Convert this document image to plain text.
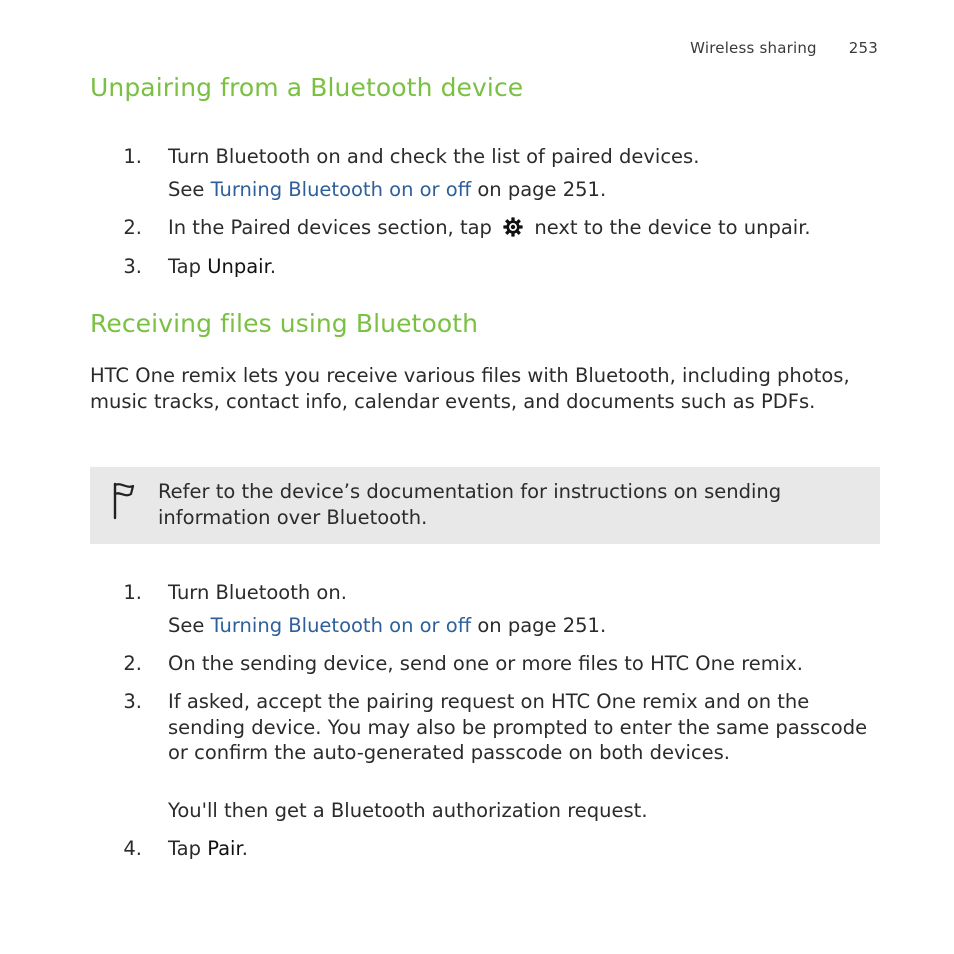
Wireless sharing 253
Unpairing from a Bluetooth device
1. Turn Bluetooth on and check the list of paired devices.
See Turning Bluetooth on or off on page 251.
2. In the Paired devices section, tap  next to the device to unpair.
3. Tap Unpair.
Receiving files using Bluetooth
HTC One remix lets you receive various files with Bluetooth, including photos, music tracks, contact info, calendar events, and documents such as PDFs.
Refer to the device’s documentation for instructions on sending information over Bluetooth.
1. Turn Bluetooth on.
See Turning Bluetooth on or off on page 251.
2. On the sending device, send one or more files to HTC One remix.
3. If asked, accept the pairing request on HTC One remix and on the sending device. You may also be prompted to enter the same passcode or confirm the auto-generated passcode on both devices.
You'll then get a Bluetooth authorization request.
4. Tap Pair.
